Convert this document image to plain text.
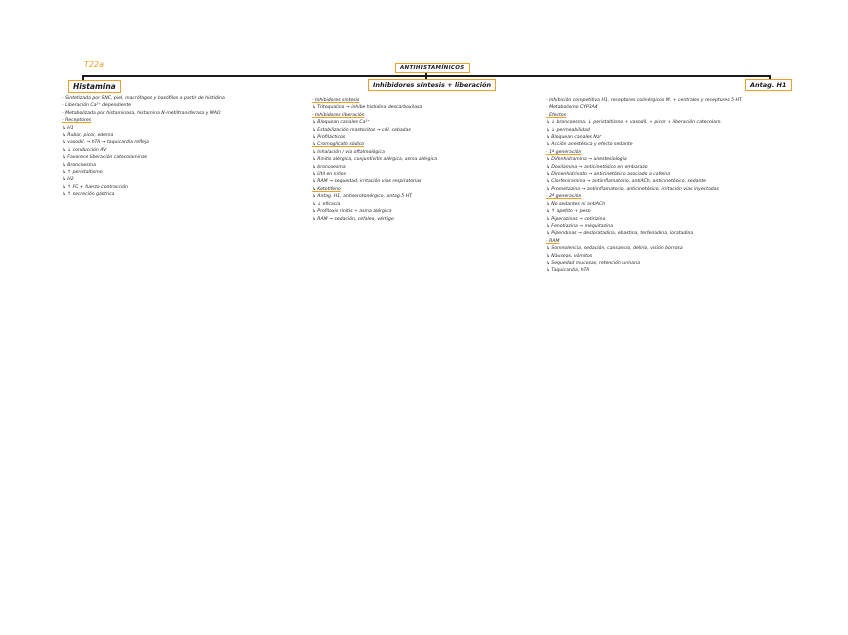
T22a	ANTIHISTAMÍNICOS
Histamina	Inhibidores síntesis + liberación	Antag. H1
- Sintetizada por SNC, piel, macrófagos y basófilos a partir de histidina
- Liberación Ca²⁺ dependiente
- Metabolizada por histaminasa, histamina N-metiltransferasa y MAO
- Receptores
↳ H1
↳ Rubor, picor, edema
↳ vasodil. → hTA → taquicardia refleja
↳ ↓ conducción AV
↳ Favorece liberación catecolaminas
↳ Broncoesma
↳ ↑ peristaltismo
↳ H2
↳ ↑ FC + fuerza contracción
↳ ↑ secreción gástrica
- Inhibidores síntesis
↳ Tritoqualina → inhibe histidina descarboxilasa
- Inhibidores liberación
↳ Bloquean canales Ca²⁺
↳ Estabilización mastocitos → cél. cebadas
↳ Profilácticos
↳ Cromoglicato sódico
↳ Inhalación / vía oftalmológica
↳ Rinitis alérgica, conjuntivitis alérgica, asma alérgica
↳ broncoesma
↳ Útil en niños
↳ RAM → sequedad, irritación vías respiratorias
↳ Ketotifeno
↳ Antag. H1, antiserotonérgico, antag.5-HT
↳ ↓ eficacia
↳ Profilaxis rinitis + asma alérgica
↳ RAM → sedación, cefalea, vértigo
- Inhibición competitiva H1, receptores colinérgicos M, + centrales y receptores 5-HT
- Metabolismo CYP3A4
- Efectos
↳ ↓ broncoesma, ↓ peristaltismo + vasodil. + picor + liberación catecolam.
↳ ↓ permeabilidad
↳ Bloquean canales Na⁺
↳ Acción anestésica y efecto sedante
- 1ª generación
↳ Difenhidramina → anestesiologia
↳ Doxilamina → anticinetósico en embarazo
↳ Dimenhidrinato → anticinetósico asociado a cafeína
↳ Clorfeniramina → antiinflamatorio, antiACh, anticinetósico, sedante
↳ Prometazina → antiinflamatorio, anticinetósico, irritación vías inyectadas
- 2ª generación
↳ No sedantes ni antiACh
↳ ↑ apetito + peso
↳ Piperazinas → cetirizina
↳ Fenotiazina → mequitazina
↳ Piperidinas → desloratadina, ebastina, terfenadina, loratadina
- RAM
↳ Somnolencia, sedación, cansancio, delirio, visión borrosa
↳ Náuseas, vómitos
↳ Sequedad mucosas, retención urinaria
↳ Taquicardia, hTA
